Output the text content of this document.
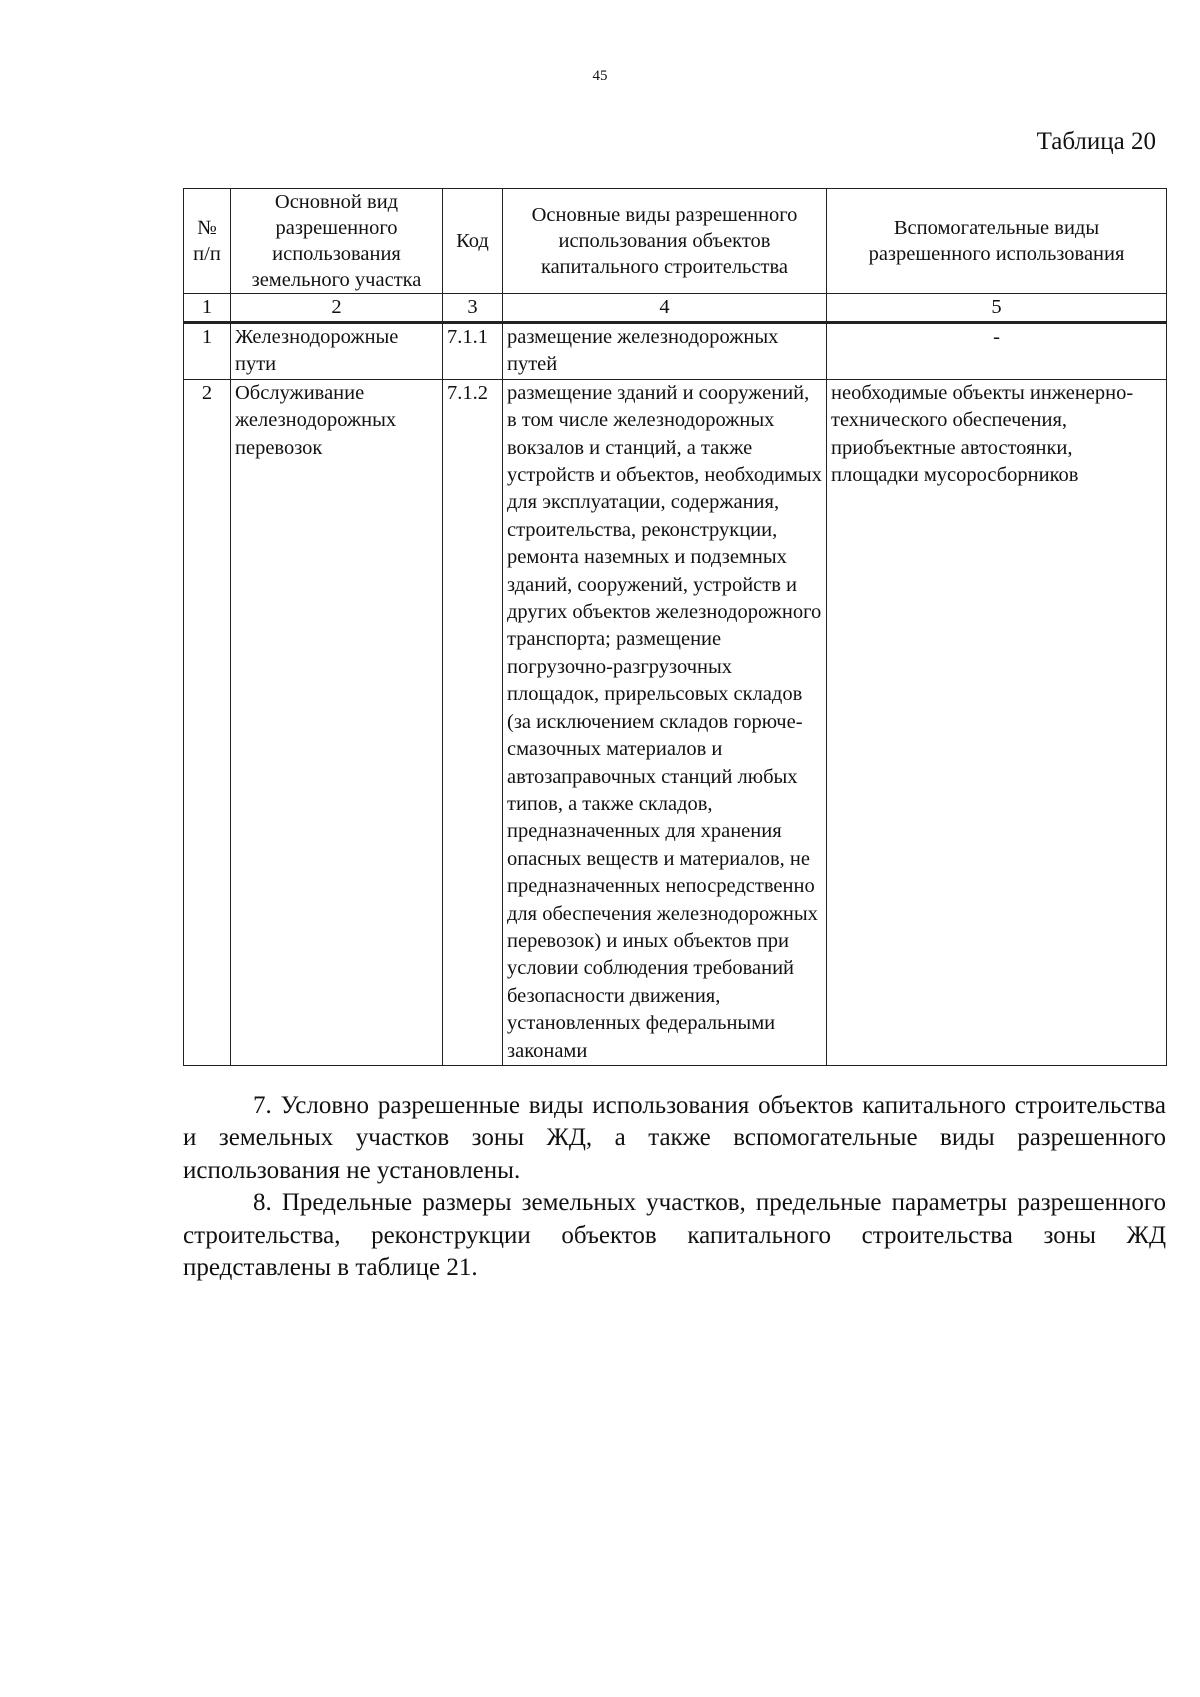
45
Таблица 20
№ п/п	Основной вид разрешенного использования земельного участка	Код	Основные виды разрешенного использования объектов капитального строительства	Вспомогательные виды разрешенного использования
1	2	3	4	5
1	Железнодорожные пути	7.1.1	размещение железнодорожных путей	-
2	Обслуживание железнодорожных перевозок	7.1.2	размещение зданий и сооружений, в том числе железнодорожных вокзалов и станций, а также устройств и объектов, необходимых для эксплуатации, содержания, строительства, реконструкции, ремонта наземных и подземных зданий, сооружений, устройств и других объектов железнодорожного транспорта; размещение погрузочно-разгрузочных площадок, прирельсовых складов (за исключением складов горюче-смазочных материалов и автозаправочных станций любых типов, а также складов, предназначенных для хранения опасных веществ и материалов, не предназначенных непосредственно для обеспечения железнодорожных перевозок) и иных объектов при условии соблюдения требований безопасности движения, установленных федеральными законами	необходимые объекты инженерно-технического обеспечения, приобъектные автостоянки, площадки мусоросборников

7. Условно разрешенные виды использования объектов капитального строительства и земельных участков зоны ЖД, а также вспомогательные виды разрешенного использования не установлены.

8. Предельные размеры земельных участков, предельные параметры разрешенного строительства, реконструкции объектов капитального строительства зоны ЖД представлены в таблице 21.
